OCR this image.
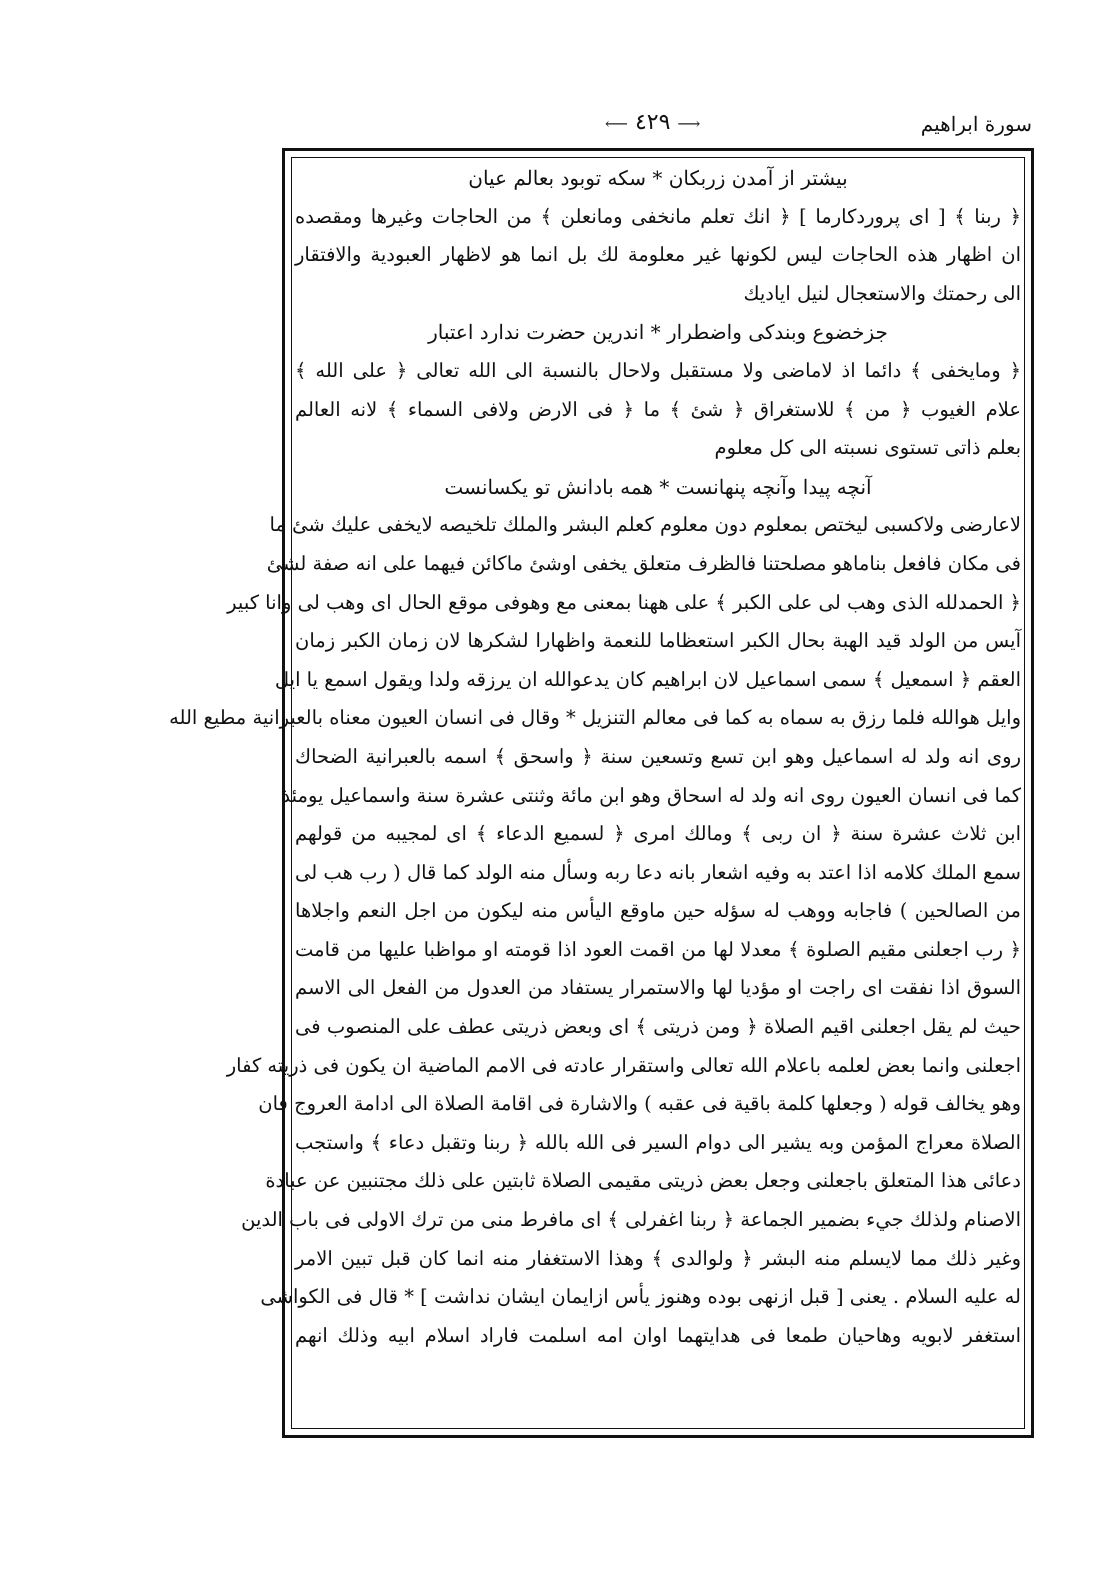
⟶ ٤٢٩ ⟵	سورة ابراهيم
بيشتر از آمدن زربكان * سكه توبود بعالم عيان
﴿ ربنا ﴾ [ اى پروردكارما ] ﴿ انك تعلم مانخفى ومانعلن ﴾ من الحاجات وغيرها ومقصده
ان اظهار هذه الحاجات ليس لكونها غير معلومة لك بل انما هو لاظهار العبودية والافتقار
الى رحمتك والاستعجال لنيل اياديك
جزخضوع وبندكى واضطرار * اندرين حضرت ندارد اعتبار
﴿ ومايخفى ﴾ دائما اذ لاماضى ولا مستقبل ولاحال بالنسبة الى الله تعالى ﴿ على الله ﴾
علام الغيوب ﴿ من ﴾ للاستغراق ﴿ شئ ﴾ ما ﴿ فى الارض ولافى السماء ﴾ لانه العالم
بعلم ذاتى تستوى نسبته الى كل معلوم
آنچه پيدا وآنچه پنهانست * همه بادانش تو يكسانست
لاعارضى ولاكسبى ليختص بمعلوم دون معلوم كعلم البشر والملك تلخيصه لايخفى عليك شئ ما
فى مكان فافعل بناماهو مصلحتنا فالظرف متعلق يخفى اوشئ ماكائن فيهما على انه صفة لشئ
﴿ الحمدلله الذى وهب لى على الكبر ﴾ على ههنا بمعنى مع وهوفى موقع الحال اى وهب لى وانا كبير
آيس من الولد قيد الهبة بحال الكبر استعظاما للنعمة واظهارا لشكرها لان زمان الكبر زمان
العقم ﴿ اسمعيل ﴾ سمى اسماعيل لان ابراهيم كان يدعوالله ان يرزقه ولدا ويقول اسمع يا ايل
وايل هوالله فلما رزق به سماه به كما فى معالم التنزيل * وقال فى انسان العيون معناه بالعبرانية مطيع الله
روى انه ولد له اسماعيل وهو ابن تسع وتسعين سنة ﴿ واسحق ﴾ اسمه بالعبرانية الضحاك
كما فى انسان العيون روى انه ولد له اسحاق وهو ابن مائة وثنتى عشرة سنة واسماعيل يومئذ
ابن ثلاث عشرة سنة ﴿ ان ربى ﴾ ومالك امرى ﴿ لسميع الدعاء ﴾ اى لمجيبه من قولهم
سمع الملك كلامه اذا اعتد به وفيه اشعار بانه دعا ربه وسأل منه الولد كما قال ( رب هب لى
من الصالحين ) فاجابه ووهب له سؤله حين ماوقع اليأس منه ليكون من اجل النعم واجلاها
﴿ رب اجعلنى مقيم الصلوة ﴾ معدلا لها من اقمت العود اذا قومته او مواظبا عليها من قامت
السوق اذا نفقت اى راجت او مؤديا لها والاستمرار يستفاد من العدول من الفعل الى الاسم
حيث لم يقل اجعلنى اقيم الصلاة ﴿ ومن ذريتى ﴾ اى وبعض ذريتى عطف على المنصوب فى
اجعلنى وانما بعض لعلمه باعلام الله تعالى واستقرار عادته فى الامم الماضية ان يكون فى ذريته كفار
وهو يخالف قوله ( وجعلها كلمة باقية فى عقبه ) والاشارة فى اقامة الصلاة الى ادامة العروج فان
الصلاة معراج المؤمن وبه يشير الى دوام السير فى الله بالله ﴿ ربنا وتقبل دعاء ﴾ واستجب
دعائى هذا المتعلق باجعلنى وجعل بعض ذريتى مقيمى الصلاة ثابتين على ذلك مجتنبين عن عبادة
الاصنام ولذلك جيء بضمير الجماعة ﴿ ربنا اغفرلى ﴾ اى مافرط منى من ترك الاولى فى باب الدين
وغير ذلك مما لايسلم منه البشر ﴿ ولوالدى ﴾ وهذا الاستغفار منه انما كان قبل تبين الامر
له عليه السلام . يعنى [ قبل ازنهى بوده وهنوز يأس ازايمان ايشان نداشت ] * قال فى الكواشى
استغفر لابويه وهاحيان طمعا فى هدايتهما اوان امه اسلمت فاراد اسلام ابيه وذلك انهم
